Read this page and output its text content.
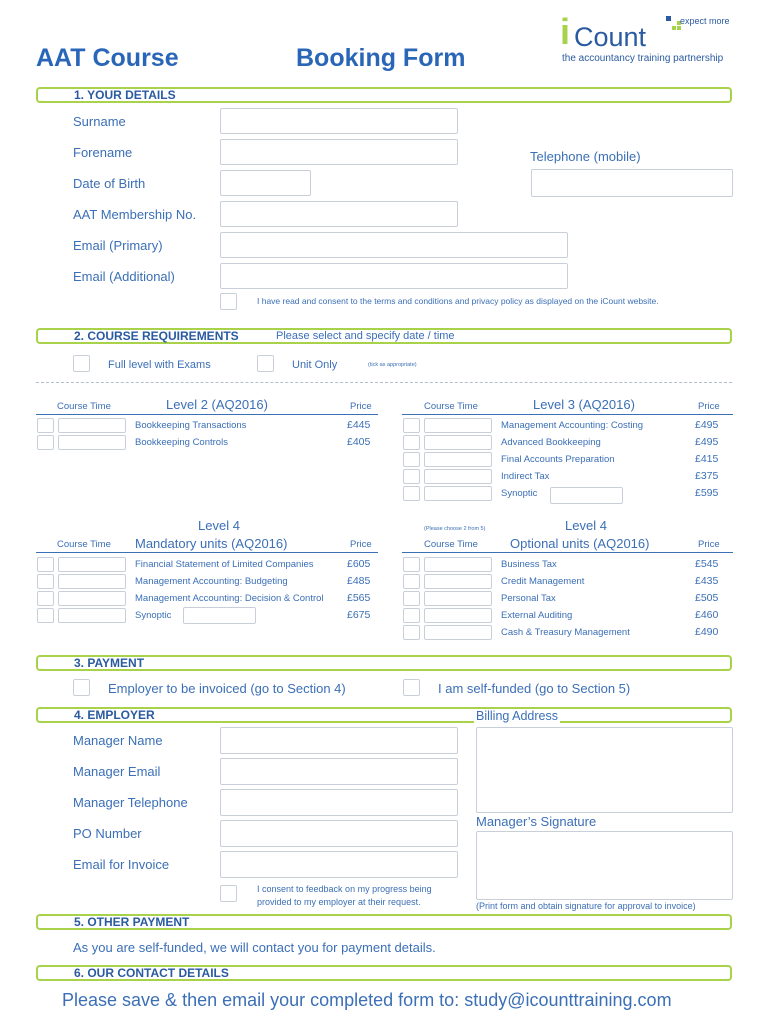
AAT Course	Booking Form
expect more
i Count
the accountancy training partnership
1. YOUR DETAILS
Surname
Forename	Telephone (mobile)
Date of Birth
AAT Membership No.
Email (Primary)
Email (Additional)
I have read and consent to the terms and conditions and privacy policy as displayed on the iCount website.
2. COURSE REQUIREMENTS	Please select and specify date / time
Full level with Exams	Unit Only	(tick as appropriate)
Course Time	Level 2 (AQ2016)	Price
Bookkeeping Transactions	£445
Bookkeeping Controls	£405
Course Time	Level 3 (AQ2016)	Price
Management Accounting: Costing	£495
Advanced Bookkeeping	£495
Final Accounts Preparation	£415
Indirect Tax	£375
Synoptic	£595
Level 4
Course Time Mandatory units (AQ2016)	Price
Financial Statement of Limited Companies	£605
Management Accounting: Budgeting	£485
Management Accounting: Decision & Control £565
Synoptic	£675
Level 4
(Please choose 2 from 5)
Course Time Optional units (AQ2016)	Price
Business Tax	£545
Credit Management	£435
Personal Tax	£505
External Auditing	£460
Cash & Treasury Management	£490
3. PAYMENT
Employer to be invoiced (go to Section 4)	I am self-funded (go to Section 5)
4. EMPLOYER	Billing Address
Manager Name
Manager Email
Manager Telephone
PO Number
Email for Invoice
Manager’s Signature
I consent to feedback on my progress being
provided to my employer at their request.	(Print form and obtain signature for approval to invoice)
5. OTHER PAYMENT
As you are self-funded, we will contact you for payment details.
6. OUR CONTACT DETAILS
Please save & then email your completed form to: study@icounttraining.com
